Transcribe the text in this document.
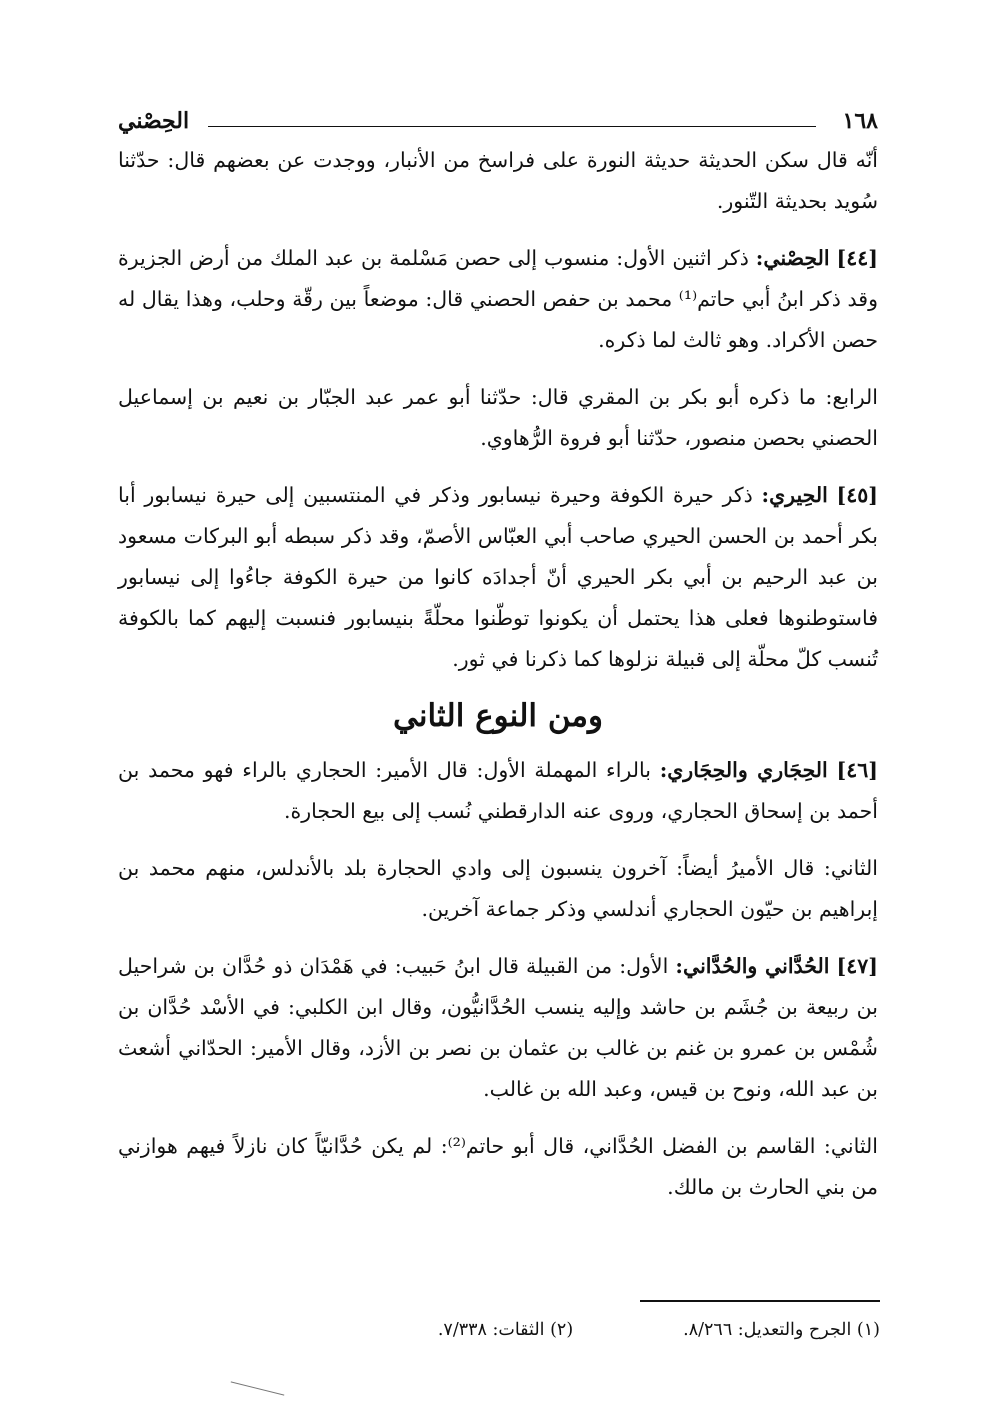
١٦٨
الحِصْني

أنّه قال سكن الحديثة حديثة النورة على فراسخ من الأنبار، ووجدت عن بعضهم قال: حدّثنا سُويد بحديثة التّنور.

[٤٤] الحِصْني: ذكر اثنين الأول: منسوب إلى حصن مَسْلمة بن عبد الملك من أرض الجزيرة وقد ذكر ابنُ أبي حاتم⁽¹⁾ محمد بن حفص الحصني قال: موضعاً بين رقّة وحلب، وهذا يقال له حصن الأكراد. وهو ثالث لما ذكره.

الرابع: ما ذكره أبو بكر بن المقري قال: حدّثنا أبو عمر عبد الجبّار بن نعيم بن إسماعيل الحصني بحصن منصور، حدّثنا أبو فروة الرُّهاوي.

[٤٥] الحِيري: ذكر حيرة الكوفة وحيرة نيسابور وذكر في المنتسبين إلى حيرة نيسابور أبا بكر أحمد بن الحسن الحيري صاحب أبي العبّاس الأصمّ، وقد ذكر سبطه أبو البركات مسعود بن عبد الرحيم بن أبي بكر الحيري أنّ أجدادَه كانوا من حيرة الكوفة جاءُوا إلى نيسابور فاستوطنوها فعلى هذا يحتمل أن يكونوا توطّنوا محلّةً بنيسابور فنسبت إليهم كما بالكوفة تُنسب كلّ محلّة إلى قبيلة نزلوها كما ذكرنا في ثور.

ومن النوع الثاني

[٤٦] الحِجَاري والحِجَاري: بالراء المهملة الأول: قال الأمير: الحجاري بالراء فهو محمد بن أحمد بن إسحاق الحجاري، وروى عنه الدارقطني نُسب إلى بيع الحجارة.

الثاني: قال الأميرُ أيضاً: آخرون ينسبون إلى وادي الحجارة بلد بالأندلس، منهم محمد بن إبراهيم بن حيّون الحجاري أندلسي وذكر جماعة آخرين.

[٤٧] الحُدَّاني والحُدَّاني: الأول: من القبيلة قال ابنُ حَبيب: في هَمْدَان ذو حُدَّان بن شراحيل بن ربيعة بن جُشَم بن حاشد وإليه ينسب الحُدَّانيُّون، وقال ابن الكلبي: في الأسْد حُدَّان بن شُمْس بن عمرو بن غنم بن غالب بن عثمان بن نصر بن الأزد، وقال الأمير: الحدّاني أشعث بن عبد الله، ونوح بن قيس، وعبد الله بن غالب.

الثاني: القاسم بن الفضل الحُدَّاني، قال أبو حاتم⁽²⁾: لم يكن حُدَّانيّاً كان نازلاً فيهم هوازني من بني الحارث بن مالك.

(١) الجرح والتعديل: ٨/٢٦٦.
(٢) الثقات: ٧/٣٣٨.
